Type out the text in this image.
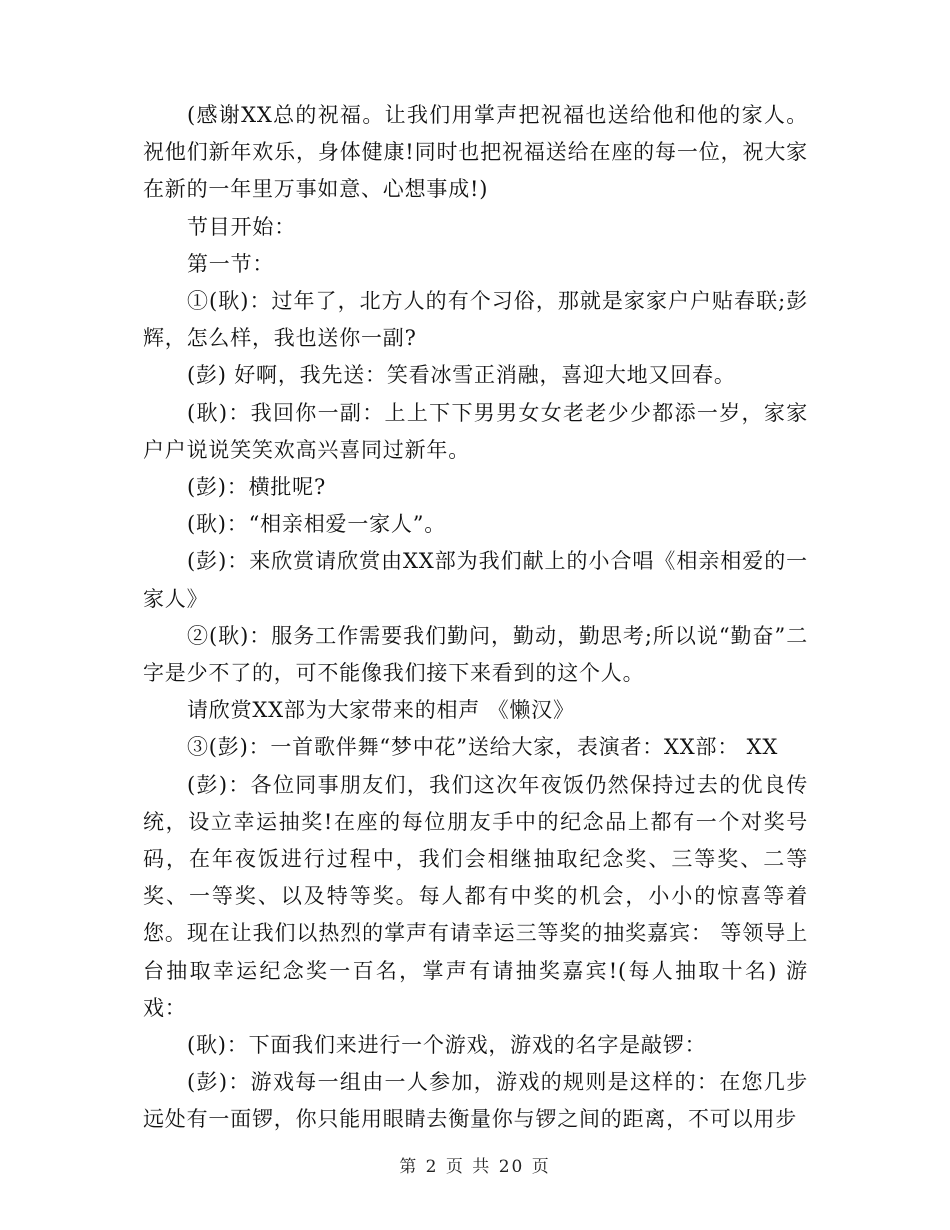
(感谢XX总的祝福。让我们用掌声把祝福也送给他和他的家人。祝他们新年欢乐，身体健康!同时也把祝福送给在座的每一位，祝大家在新的一年里万事如意、心想事成!)

节目开始：

第一节：

①(耿)：过年了，北方人的有个习俗，那就是家家户户贴春联;彭辉，怎么样，我也送你一副?

(彭) 好啊，我先送：笑看冰雪正消融，喜迎大地又回春。

(耿)：我回你一副：上上下下男男女女老老少少都添一岁，家家户户说说笑笑欢高兴喜同过新年。

(彭)：横批呢?

(耿)：“相亲相爱一家人”。

(彭)：来欣赏请欣赏由XX部为我们献上的小合唱《相亲相爱的一家人》

②(耿)：服务工作需要我们勤问，勤动，勤思考;所以说“勤奋”二字是少不了的，可不能像我们接下来看到的这个人。

请欣赏XX部为大家带来的相声 《懒汉》

③(彭)：一首歌伴舞“梦中花”送给大家，表演者：XX部： XX

(彭)：各位同事朋友们，我们这次年夜饭仍然保持过去的优良传统，设立幸运抽奖!在座的每位朋友手中的纪念品上都有一个对奖号码，在年夜饭进行过程中，我们会相继抽取纪念奖、三等奖、二等奖、一等奖、以及特等奖。每人都有中奖的机会，小小的惊喜等着您。现在让我们以热烈的掌声有请幸运三等奖的抽奖嘉宾： 等领导上台抽取幸运纪念奖一百名，掌声有请抽奖嘉宾!(每人抽取十名) 游戏：

(耿)：下面我们来进行一个游戏，游戏的名字是敲锣：

(彭)：游戏每一组由一人参加，游戏的规则是这样的：在您几步远处有一面锣，你只能用眼睛去衡量你与锣之间的距离，不可以用步

第 2 页 共 20 页
